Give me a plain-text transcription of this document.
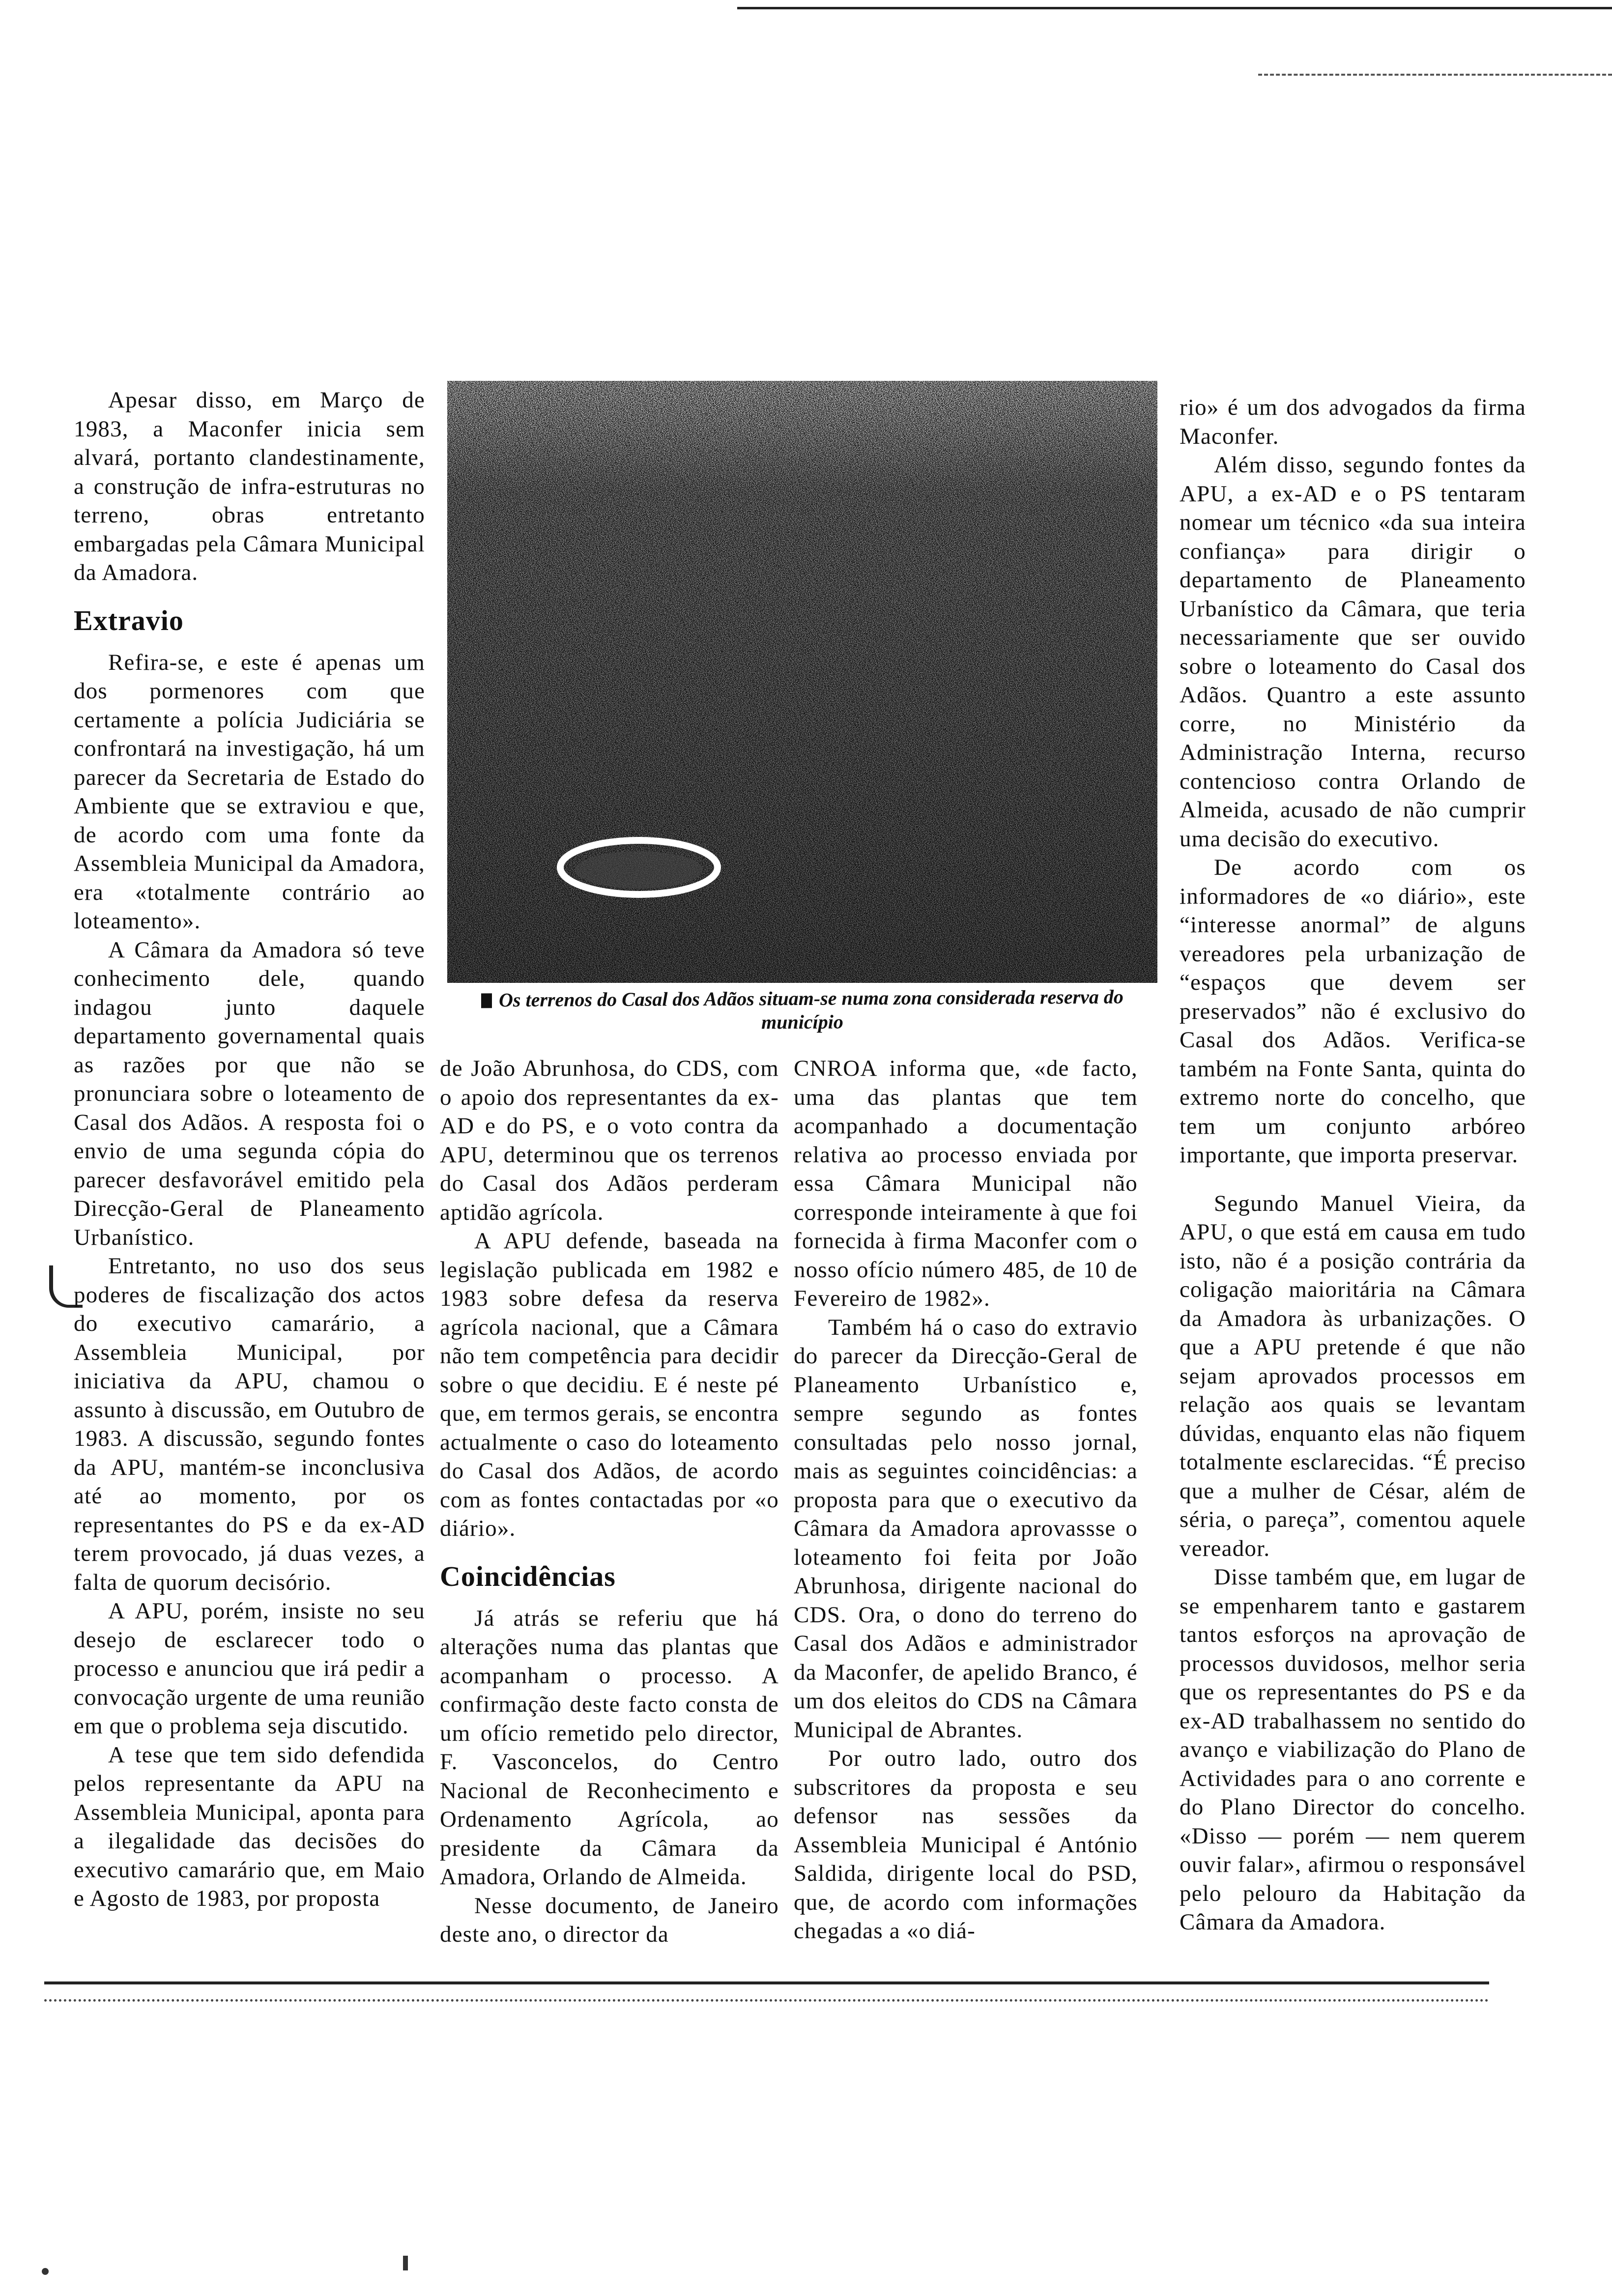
Apesar disso, em Março de 1983, a Maconfer inicia sem alvará, portanto clandestinamente, a construção de infra-estruturas no terreno, obras entretanto embargadas pela Câmara Municipal da Amadora.

Extravio

Refira-se, e este é apenas um dos pormenores com que certamente a polícia Judiciária se confrontará na investigação, há um parecer da Secretaria de Estado do Ambiente que se extraviou e que, de acordo com uma fonte da Assembleia Municipal da Amadora, era «totalmente contrário ao loteamento».

A Câmara da Amadora só teve conhecimento dele, quando indagou junto daquele departamento governamental quais as razões por que não se pronunciara sobre o loteamento de Casal dos Adãos. A resposta foi o envio de uma segunda cópia do parecer desfavorável emitido pela Direcção-Geral de Planeamento Urbanístico.

Entretanto, no uso dos seus poderes de fiscalização dos actos do executivo camarário, a Assembleia Municipal, por iniciativa da APU, chamou o assunto à discussão, em Outubro de 1983. A discussão, segundo fontes da APU, mantém-se inconclusiva até ao momento, por os representantes do PS e da ex-AD terem provocado, já duas vezes, a falta de quorum decisório.

A APU, porém, insiste no seu desejo de esclarecer todo o processo e anunciou que irá pedir a convocação urgente de uma reunião em que o problema seja discutido.

A tese que tem sido defendida pelos representante da APU na Assembleia Municipal, aponta para a ilegalidade das decisões do executivo camarário que, em Maio e Agosto de 1983, por proposta

Os terrenos do Casal dos Adãos situam-se numa zona considerada reserva do município

de João Abrunhosa, do CDS, com o apoio dos representantes da ex-AD e do PS, e o voto contra da APU, determinou que os terrenos do Casal dos Adãos perderam aptidão agrícola.

A APU defende, baseada na legislação publicada em 1982 e 1983 sobre defesa da reserva agrícola nacional, que a Câmara não tem competência para decidir sobre o que decidiu. E é neste pé que, em termos gerais, se encontra actualmente o caso do loteamento do Casal dos Adãos, de acordo com as fontes contactadas por «o diário».

Coincidências

Já atrás se referiu que há alterações numa das plantas que acompanham o processo. A confirmação deste facto consta de um ofício remetido pelo director, F. Vasconcelos, do Centro Nacional de Reconhecimento e Ordenamento Agrícola, ao presidente da Câmara da Amadora, Orlando de Almeida.

Nesse documento, de Janeiro deste ano, o director da

CNROA informa que, «de facto, uma das plantas que tem acompanhado a documentação relativa ao processo enviada por essa Câmara Municipal não corresponde inteiramente à que foi fornecida à firma Maconfer com o nosso ofício número 485, de 10 de Fevereiro de 1982».

Também há o caso do extravio do parecer da Direcção-Geral de Planeamento Urbanístico e, sempre segundo as fontes consultadas pelo nosso jornal, mais as seguintes coincidências: a proposta para que o executivo da Câmara da Amadora aprovassse o loteamento foi feita por João Abrunhosa, dirigente nacional do CDS. Ora, o dono do terreno do Casal dos Adãos e administrador da Maconfer, de apelido Branco, é um dos eleitos do CDS na Câmara Municipal de Abrantes.

Por outro lado, outro dos subscritores da proposta e seu defensor nas sessões da Assembleia Municipal é António Saldida, dirigente local do PSD, que, de acordo com informações chegadas a «o diá-

rio» é um dos advogados da firma Maconfer.

Além disso, segundo fontes da APU, a ex-AD e o PS tentaram nomear um técnico «da sua inteira confiança» para dirigir o departamento de Planeamento Urbanístico da Câmara, que teria necessariamente que ser ouvido sobre o loteamento do Casal dos Adãos. Quantro a este assunto corre, no Ministério da Administração Interna, recurso contencioso contra Orlando de Almeida, acusado de não cumprir uma decisão do executivo.

De acordo com os informadores de «o diário», este “interesse anormal” de alguns vereadores pela urbanização de “espaços que devem ser preservados” não é exclusivo do Casal dos Adãos. Verifica-se também na Fonte Santa, quinta do extremo norte do concelho, que tem um conjunto arbóreo importante, que importa preservar.

Segundo Manuel Vieira, da APU, o que está em causa em tudo isto, não é a posição contrária da coligação maioritária na Câmara da Amadora às urbanizações. O que a APU pretende é que não sejam aprovados processos em relação aos quais se levantam dúvidas, enquanto elas não fiquem totalmente esclarecidas. “É preciso que a mulher de César, além de séria, o pareça”, comentou aquele vereador.

Disse também que, em lugar de se empenharem tanto e gastarem tantos esforços na aprovação de processos duvidosos, melhor seria que os representantes do PS e da ex-AD trabalhassem no sentido do avanço e viabilização do Plano de Actividades para o ano corrente e do Plano Director do concelho. «Disso — porém — nem querem ouvir falar», afirmou o responsável pelo pelouro da Habitação da Câmara da Amadora.
